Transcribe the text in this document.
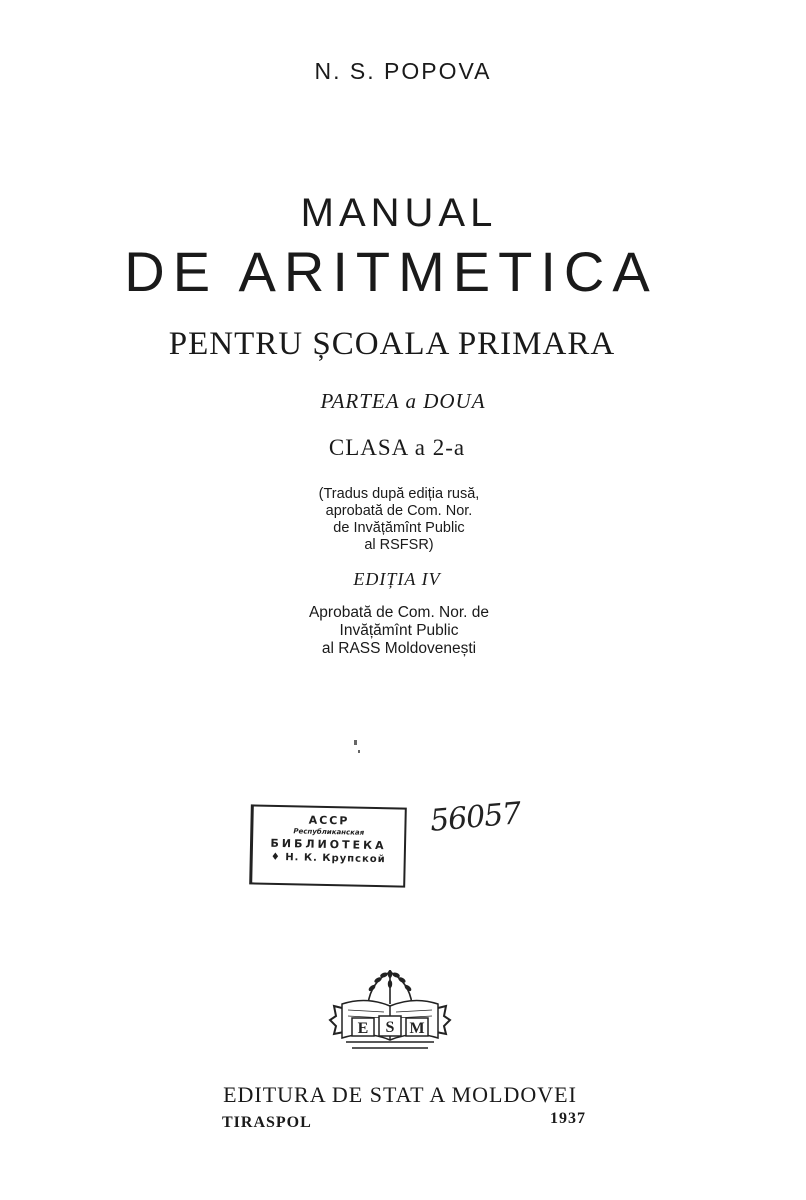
N. S. POPOVA
MANUAL
DE ARITMETICA
PENTRU ȘCOALA PRIMARA
PARTEA a DOUA
CLASA a 2-a
(Tradus după ediția rusă,
aprobată de Com. Nor.
de Invățămînt Public
al RSFSR)
EDIȚIA IV
Aprobată de Com. Nor. de
Invățămînt Public
al RASS Moldovenești
АССР
Республиканская
БИБЛИОТЕКА
♦ Н. К. Крупской
56057
E S M
EDITURA DE STAT A MOLDOVEI
TIRASPOL	1937
